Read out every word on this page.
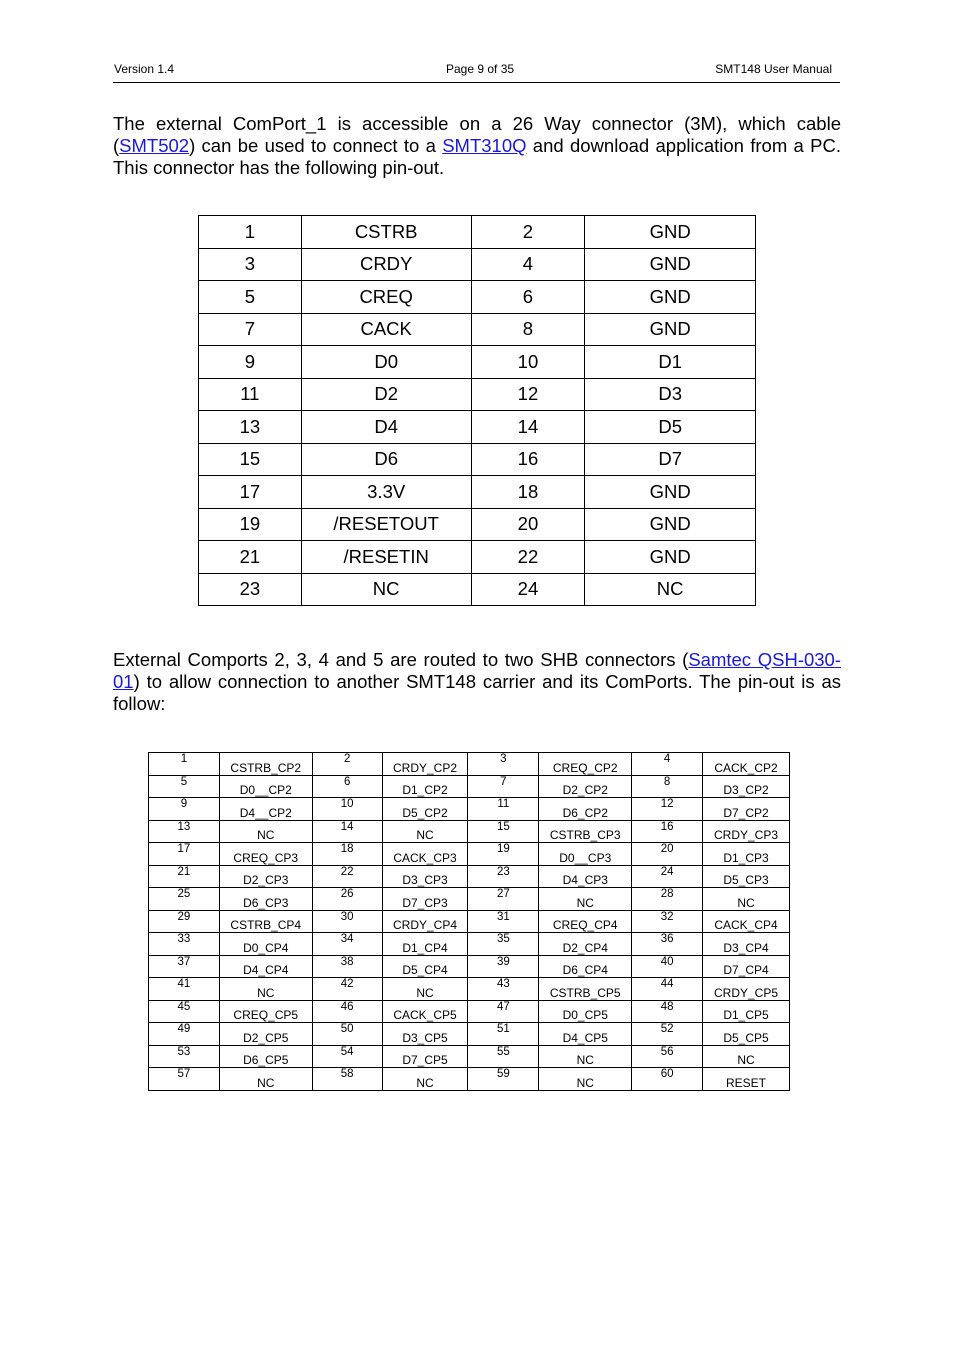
Version 1.4	Page 9 of 35	SMT148 User Manual

The external ComPort_1 is accessible on a 26 Way connector (3M), which cable (SMT502) can be used to connect to a SMT310Q and download application from a PC. This connector has the following pin-out.

1	CSTRB	2	GND
3	CRDY	4	GND
5	CREQ	6	GND
7	CACK	8	GND
9	D0	10	D1
11	D2	12	D3
13	D4	14	D5
15	D6	16	D7
17	3.3V	18	GND
19	/RESETOUT	20	GND
21	/RESETIN	22	GND
23	NC	24	NC

External Comports 2, 3, 4 and 5 are routed to two SHB connectors (Samtec QSH-030-01) to allow connection to another SMT148 carrier and its ComPorts. The pin-out is as follow:

1	CSTRB_CP2	2	CRDY_CP2	3	CREQ_CP2	4	CACK_CP2
5	D0__CP2	6	D1_CP2	7	D2_CP2	8	D3_CP2
9	D4__CP2	10	D5_CP2	11	D6_CP2	12	D7_CP2
13	NC	14	NC	15	CSTRB_CP3	16	CRDY_CP3
17	CREQ_CP3	18	CACK_CP3	19	D0__CP3	20	D1_CP3
21	D2_CP3	22	D3_CP3	23	D4_CP3	24	D5_CP3
25	D6_CP3	26	D7_CP3	27	NC	28	NC
29	CSTRB_CP4	30	CRDY_CP4	31	CREQ_CP4	32	CACK_CP4
33	D0_CP4	34	D1_CP4	35	D2_CP4	36	D3_CP4
37	D4_CP4	38	D5_CP4	39	D6_CP4	40	D7_CP4
41	NC	42	NC	43	CSTRB_CP5	44	CRDY_CP5
45	CREQ_CP5	46	CACK_CP5	47	D0_CP5	48	D1_CP5
49	D2_CP5	50	D3_CP5	51	D4_CP5	52	D5_CP5
53	D6_CP5	54	D7_CP5	55	NC	56	NC
57	NC	58	NC	59	NC	60	RESET
